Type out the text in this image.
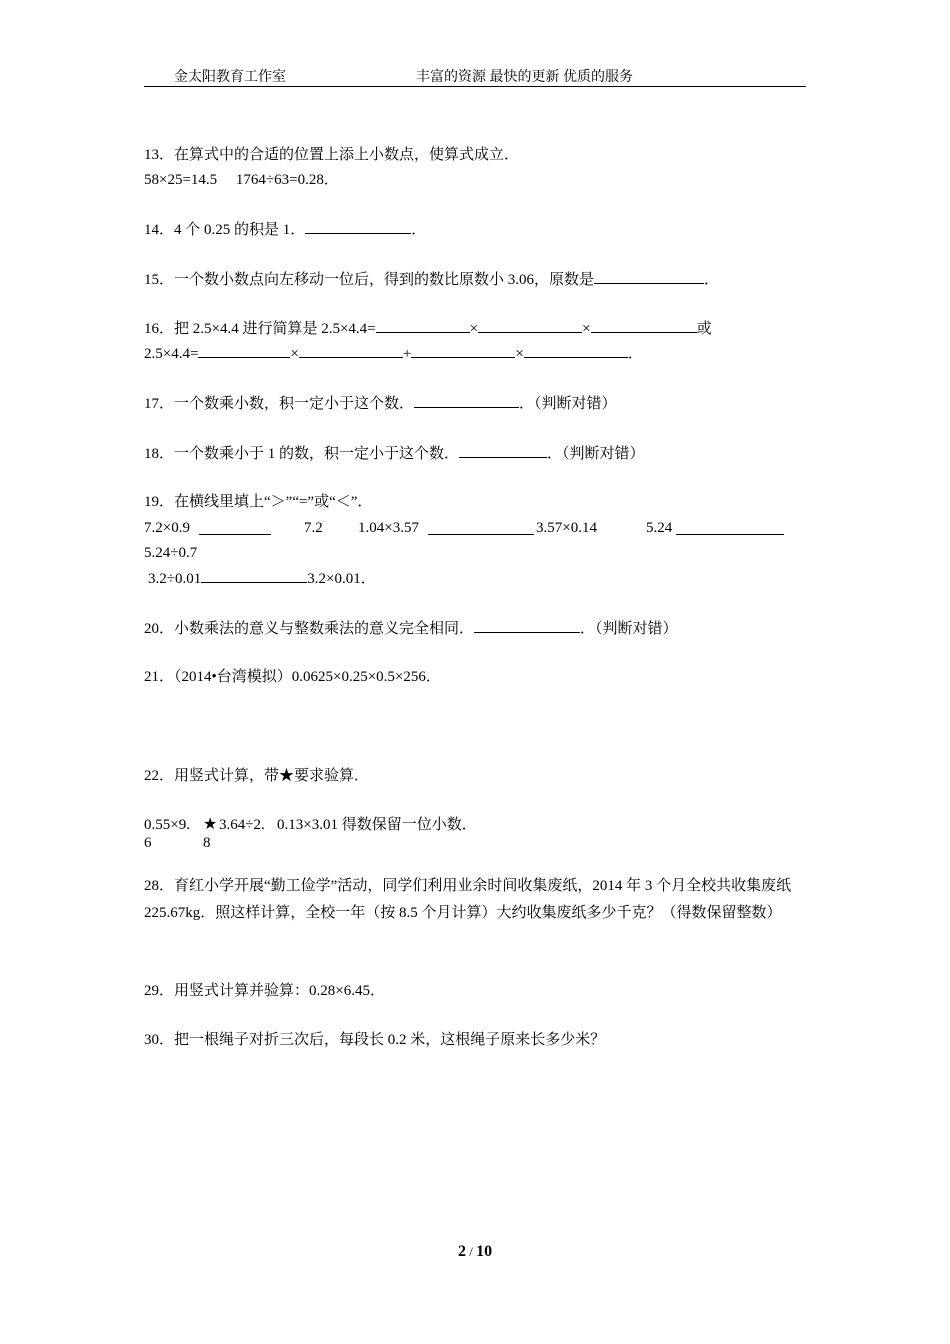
金太阳教育工作室	丰富的资源 最快的更新 优质的服务
13．在算式中的合适的位置上添上小数点，使算式成立．
58×25=14.5     1764÷63=0.28．
14．4 个 0.25 的积是 1．	．
15．一个数小数点向左移动一位后，得到的数比原数小 3.06，原数是	．
16．把 2.5×4.4 进行简算是 2.5×4.4=	×	×	或
2.5×4.4=	×	+	×	．
17．一个数乘小数，积一定小于这个数．	．（判断对错）
18．一个数乘小于 1 的数，积一定小于这个数．	．（判断对错）
19．在横线里填上“＞”“=”或“＜”．
7.2×0.9	7.2 1.04×3.57	3.57×0.14	5.24
5.24÷0.7
3.2÷0.01	3.2×0.01．
20．小数乘法的意义与整数乘法的意义完全相同．	．（判断对错）
21．（2014•台湾模拟）0.0625×0.25×0.5×256．
22．用竖式计算，带★要求验算．
0.55×9. ★ 3.64÷2. 0.13×3.01 得数保留一位小数．
6	8
28．育红小学开展“勤工俭学”活动，同学们利用业余时间收集废纸，2014 年 3 个月全校共收集废纸 225.67kg．照这样计算，全校一年（按 8.5 个月计算）大约收集废纸多少千克？（得数保留整数）
29．用竖式计算并验算：0.28×6.45．
30．把一根绳子对折三次后，每段长 0.2 米，这根绳子原来长多少米？
2 / 10
